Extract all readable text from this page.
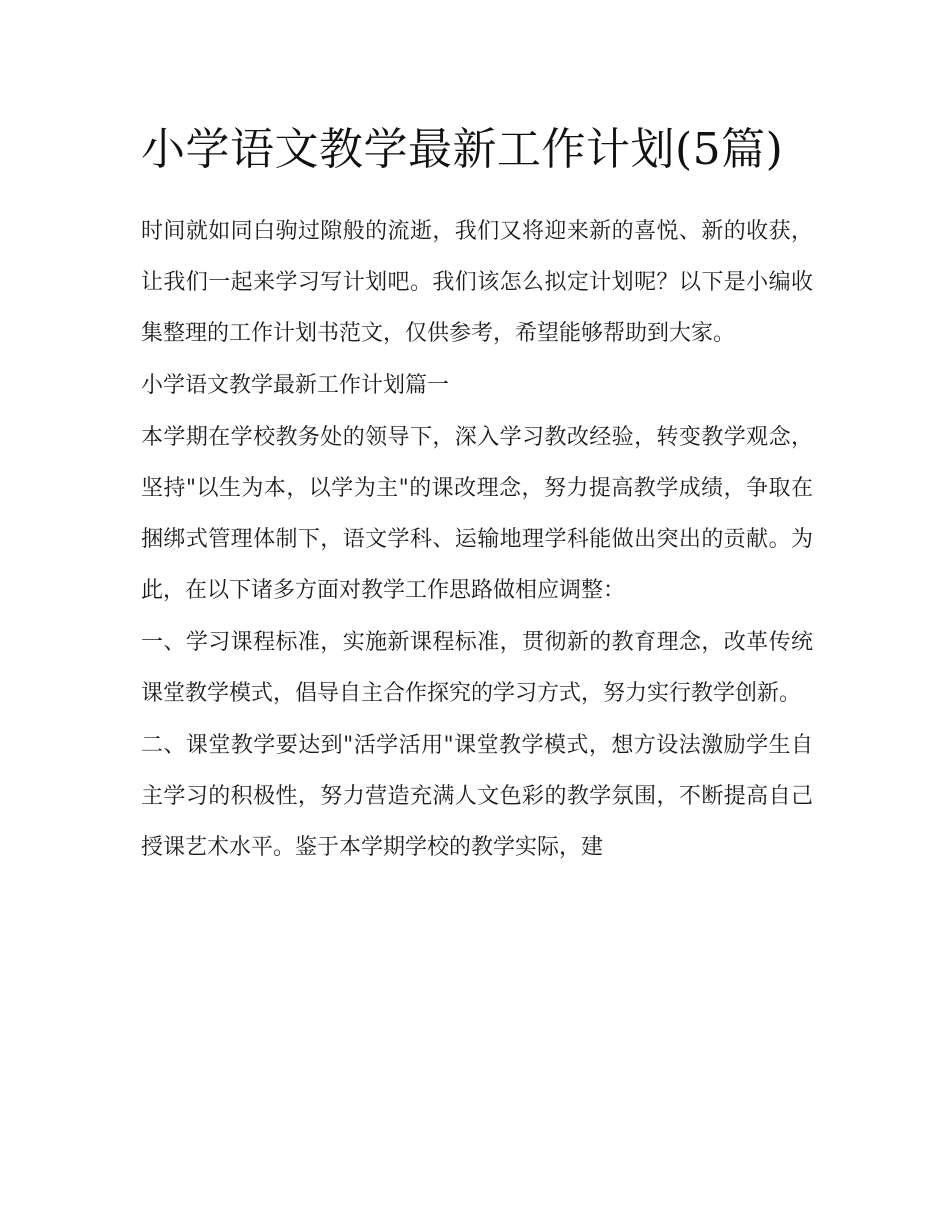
小学语文教学最新工作计划(5篇)

时间就如同白驹过隙般的流逝，我们又将迎来新的喜悦、新的收获，让我们一起来学习写计划吧。我们该怎么拟定计划呢？以下是小编收集整理的工作计划书范文，仅供参考，希望能够帮助到大家。

小学语文教学最新工作计划篇一

本学期在学校教务处的领导下，深入学习教改经验，转变教学观念，坚持"以生为本，以学为主"的课改理念，努力提高教学成绩，争取在捆绑式管理体制下，语文学科、运输地理学科能做出突出的贡献。为此，在以下诸多方面对教学工作思路做相应调整：

一、学习课程标准，实施新课程标准，贯彻新的教育理念，改革传统课堂教学模式，倡导自主合作探究的学习方式，努力实行教学创新。

二、课堂教学要达到"活学活用"课堂教学模式，想方设法激励学生自主学习的积极性，努力营造充满人文色彩的教学氛围，不断提高自己授课艺术水平。鉴于本学期学校的教学实际，建
